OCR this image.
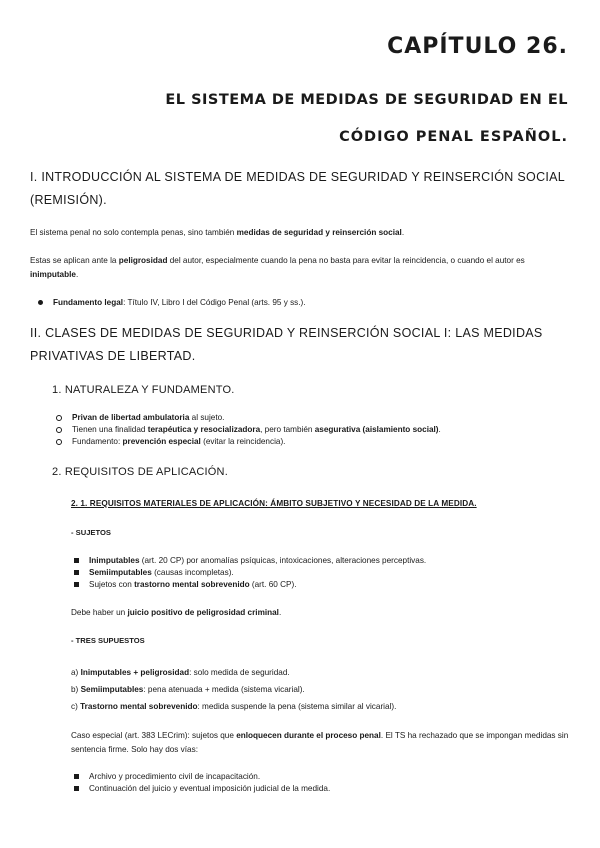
CAPÍTULO 26.
EL SISTEMA DE MEDIDAS DE SEGURIDAD EN EL
CÓDIGO PENAL ESPAÑOL.
I. INTRODUCCIÓN AL SISTEMA DE MEDIDAS DE SEGURIDAD Y REINSERCIÓN SOCIAL (REMISIÓN).
El sistema penal no solo contempla penas, sino también medidas de seguridad y reinserción social.
Estas se aplican ante la peligrosidad del autor, especialmente cuando la pena no basta para evitar la reincidencia, o cuando el autor es inimputable.
Fundamento legal: Título IV, Libro I del Código Penal (arts. 95 y ss.).
II. CLASES DE MEDIDAS DE SEGURIDAD Y REINSERCIÓN SOCIAL I: LAS MEDIDAS PRIVATIVAS DE LIBERTAD.
1. NATURALEZA Y FUNDAMENTO.
Privan de libertad ambulatoria al sujeto.
Tienen una finalidad terapéutica y resocializadora, pero también asegurativa (aislamiento social).
Fundamento: prevención especial (evitar la reincidencia).
2. REQUISITOS DE APLICACIÓN.
2. 1. REQUISITOS MATERIALES DE APLICACIÓN: ÁMBITO SUBJETIVO Y NECESIDAD DE LA MEDIDA.
- SUJETOS
Inimputables (art. 20 CP) por anomalías psíquicas, intoxicaciones, alteraciones perceptivas.
Semiimputables (causas incompletas).
Sujetos con trastorno mental sobrevenido (art. 60 CP).
Debe haber un juicio positivo de peligrosidad criminal.
- TRES SUPUESTOS
a) Inimputables + peligrosidad: solo medida de seguridad.
b) Semiimputables: pena atenuada + medida (sistema vicarial).
c) Trastorno mental sobrevenido: medida suspende la pena (sistema similar al vicarial).
Caso especial (art. 383 LECrim): sujetos que enloquecen durante el proceso penal. El TS ha rechazado que se impongan medidas sin sentencia firme. Solo hay dos vías:
Archivo y procedimiento civil de incapacitación.
Continuación del juicio y eventual imposición judicial de la medida.
